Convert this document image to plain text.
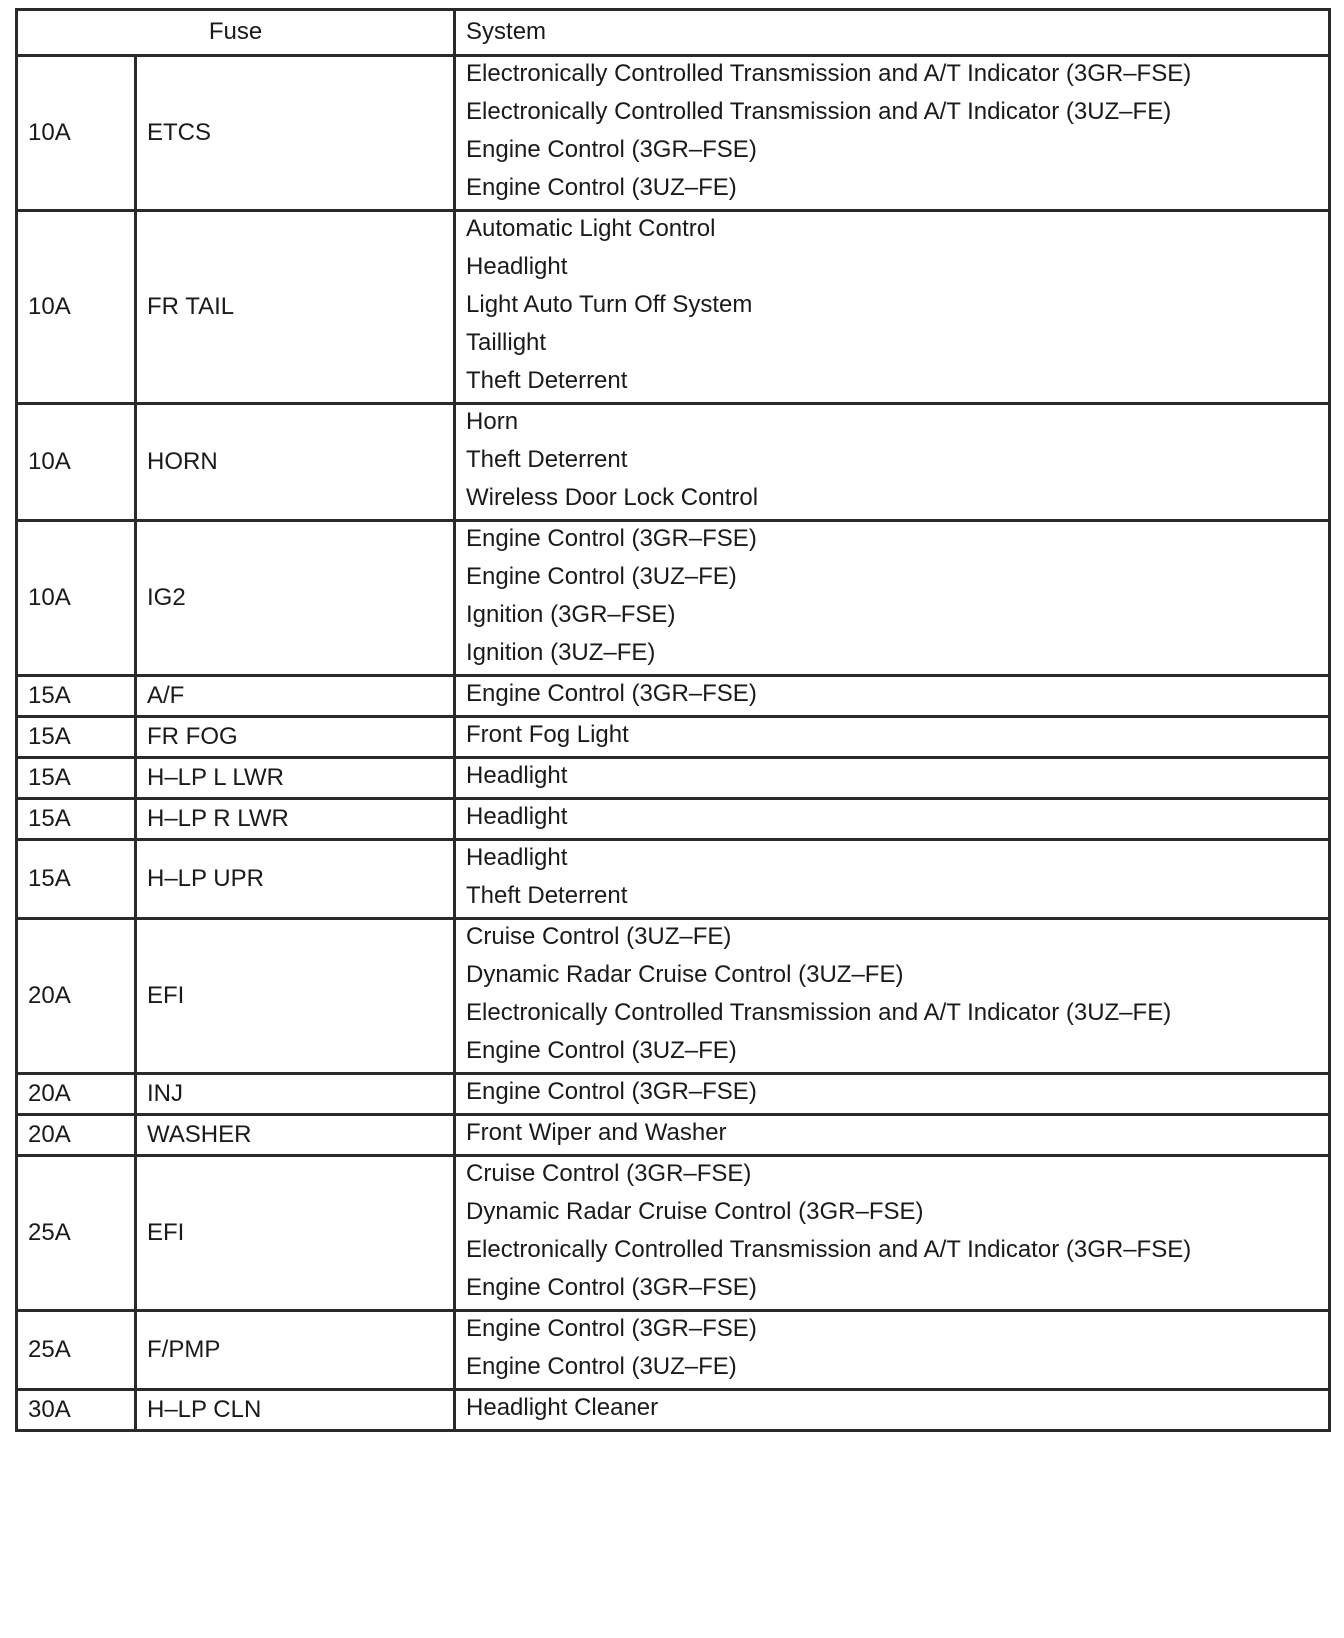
Fuse		System
10A	ETCS	Electronically Controlled Transmission and A/T Indicator (3GR–FSE)
Electronically Controlled Transmission and A/T Indicator (3UZ–FE)
Engine Control (3GR–FSE)
Engine Control (3UZ–FE)

10A	FR TAIL	Automatic Light Control
Headlight
Light Auto Turn Off System
Taillight
Theft Deterrent

10A	HORN	Horn
Theft Deterrent
Wireless Door Lock Control

10A	IG2	Engine Control (3GR–FSE)
Engine Control (3UZ–FE)
Ignition (3GR–FSE)
Ignition (3UZ–FE)

15A	A/F	Engine Control (3GR–FSE)

15A	FR FOG	Front Fog Light

15A	H–LP L LWR	Headlight

15A	H–LP R LWR	Headlight

15A	H–LP UPR	Headlight
Theft Deterrent

20A	EFI	Cruise Control (3UZ–FE)
Dynamic Radar Cruise Control (3UZ–FE)
Electronically Controlled Transmission and A/T Indicator (3UZ–FE)
Engine Control (3UZ–FE)

20A	INJ	Engine Control (3GR–FSE)

20A	WASHER	Front Wiper and Washer

25A	EFI	Cruise Control (3GR–FSE)
Dynamic Radar Cruise Control (3GR–FSE)
Electronically Controlled Transmission and A/T Indicator (3GR–FSE)
Engine Control (3GR–FSE)

25A	F/PMP	Engine Control (3GR–FSE)
Engine Control (3UZ–FE)

30A	H–LP CLN	Headlight Cleaner
